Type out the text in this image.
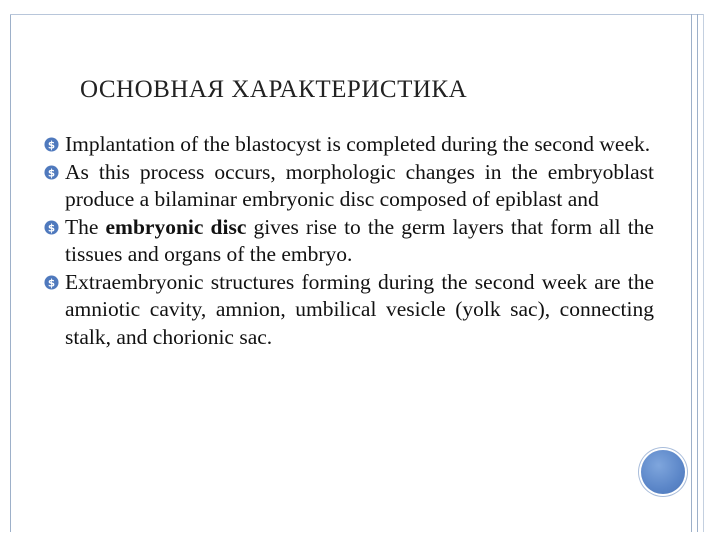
ОСНОВНАЯ ХАРАКТЕРИСТИКА
$ Implantation of the blastocyst is completed during the second week.
$ As this process occurs, morphologic changes in the embryoblast produce a bilaminar embryonic disc composed of epiblast and
$ The embryonic disc gives rise to the germ layers that form all the tissues and organs of the embryo.
$ Extraembryonic structures forming during the second week are the amniotic cavity, amnion, umbilical vesicle (yolk sac), connecting stalk, and chorionic sac.
